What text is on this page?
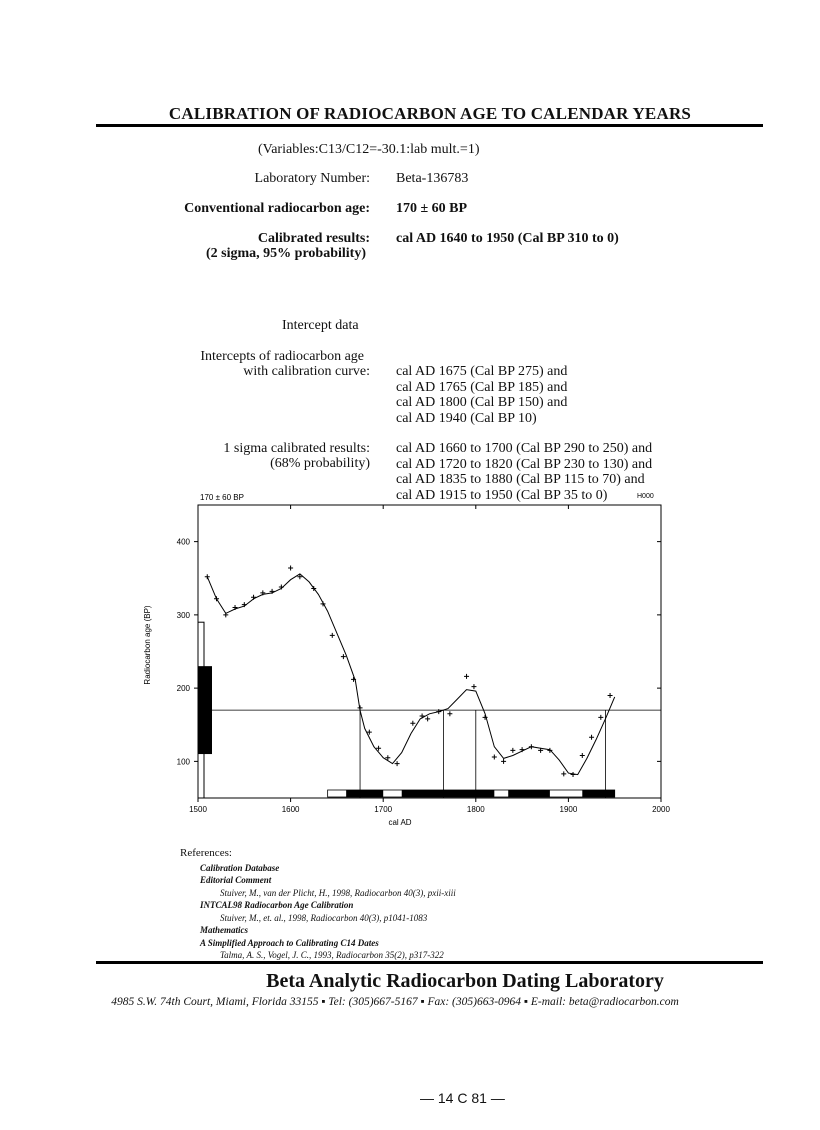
CALIBRATION OF RADIOCARBON AGE TO CALENDAR YEARS
(Variables:C13/C12=-30.1:lab mult.=1)
Laboratory Number: Beta-136783
Conventional radiocarbon age: 170 ± 60 BP
Calibrated results:
(2 sigma, 95% probability)
cal AD 1640 to 1950 (Cal BP 310 to 0)
Intercept data
Intercepts of radiocarbon age
with calibration curve: cal AD 1675 (Cal BP 275) and
cal AD 1765 (Cal BP 185) and
cal AD 1800 (Cal BP 150) and
cal AD 1940 (Cal BP 10)
1 sigma calibrated results:
(68% probability)
cal AD 1660 to 1700 (Cal BP 290 to 250) and
cal AD 1720 to 1820 (Cal BP 230 to 130) and
cal AD 1835 to 1880 (Cal BP 115 to 70) and
cal AD 1915 to 1950 (Cal BP 35 to 0)
170 ± 60 BP	H000
Radiocarbon age (BP)
cal AD
1500	1600	1700	1800	1900	2000
100
200
300
400
References:
Calibration Database
Editorial Comment
Stuiver, M., van der Plicht, H., 1998, Radiocarbon 40(3), pxii-xiii
INTCAL98 Radiocarbon Age Calibration
Stuiver, M., et. al., 1998, Radiocarbon 40(3), p1041-1083
Mathematics
A Simplified Approach to Calibrating C14 Dates
Talma, A. S., Vogel, J. C., 1993, Radiocarbon 35(2), p317-322
Beta Analytic Radiocarbon Dating Laboratory
4985 S.W. 74th Court, Miami, Florida 33155 ▪ Tel: (305)667-5167 ▪ Fax: (305)663-0964 ▪ E-mail: beta@radiocarbon.com
— 14 C 81 —
